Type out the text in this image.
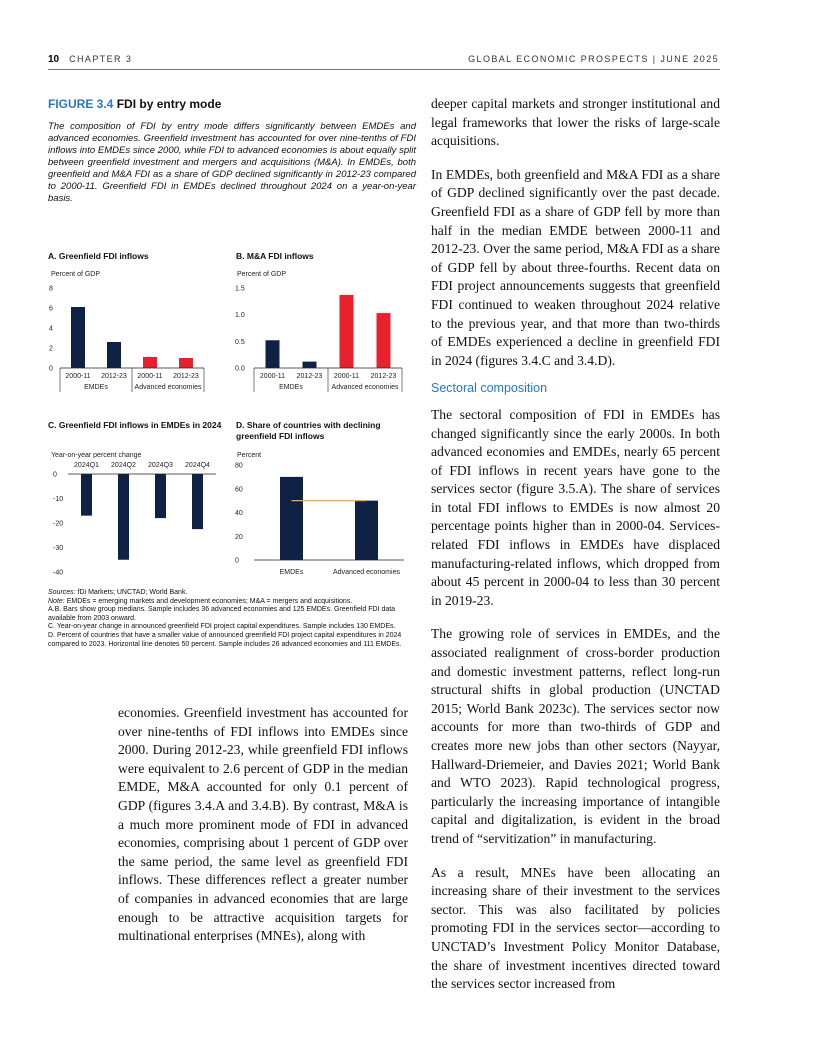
10 CHAPTER 3	GLOBAL ECONOMIC PROSPECTS | JUNE 2025
FIGURE 3.4 FDI by entry mode

The composition of FDI by entry mode differs significantly between EMDEs and advanced economies. Greenfield investment has accounted for over nine-tenths of FDI inflows into EMDEs since 2000, while FDI to advanced economies is about equally split between greenfield investment and mergers and acquisitions (M&A). In EMDEs, both greenfield and M&A FDI as a share of GDP declined significantly in 2012-23 compared to 2000-11. Greenfield FDI in EMDEs declined throughout 2024 on a year-on-year basis.

A. Greenfield FDI inflows	B. M&A FDI inflows

C. Greenfield FDI inflows in EMDEs in 2024	D. Share of countries with declining greenfield FDI inflows

Percent of GDP
0
2
4
6
8
2000-11 2012-23 2000-11 2012-23
EMDEs	Advanced economies
Percent of GDP
0.0
0.5
1.0
1.5
2000-11 2012-23 2000-11 2012-23
EMDEs	Advanced economies
Year-on-year percent change
0
-10
-20
-30
-40
2024Q1 2024Q2 2024Q3 2024Q4
Percent
0
20
40
60
80
EMDEs	Advanced economies

Sources: fDi Markets; UNCTAD; World Bank.

Note: EMDEs = emerging markets and development economies; M&A = mergers and acquisitions.

A.B. Bars show group medians. Sample includes 36 advanced economies and 125 EMDEs. Greenfield FDI data available from 2003 onward.

C. Year-on-year change in announced greenfield FDI project capital expenditures. Sample includes 130 EMDEs.

D. Percent of countries that have a smaller value of announced greenfield FDI project capital expenditures in 2024 compared to 2023. Horizontal line denotes 50 percent. Sample includes 26 advanced economies and 111 EMDEs.

economies. Greenfield investment has accounted for over nine-tenths of FDI inflows into EMDEs since 2000. During 2012-23, while greenfield FDI inflows were equivalent to 2.6 percent of GDP in the median EMDE, M&A accounted for only 0.1 percent of GDP (figures 3.4.A and 3.4.B). By contrast, M&A is a much more prominent mode of FDI in advanced economies, comprising about 1 percent of GDP over the same period, the same level as greenfield FDI inflows. These differences reflect a greater number of companies in advanced economies that are large enough to be attractive acquisition targets for multinational enterprises (MNEs), along with

deeper capital markets and stronger institutional and legal frameworks that lower the risks of large-scale acquisitions.

In EMDEs, both greenfield and M&A FDI as a share of GDP declined significantly over the past decade. Greenfield FDI as a share of GDP fell by more than half in the median EMDE between 2000-11 and 2012-23. Over the same period, M&A FDI as a share of GDP fell by about three-fourths. Recent data on FDI project announcements suggests that greenfield FDI continued to weaken throughout 2024 relative to the previous year, and that more than two-thirds of EMDEs experienced a decline in greenfield FDI in 2024 (figures 3.4.C and 3.4.D).

Sectoral composition

The sectoral composition of FDI in EMDEs has changed significantly since the early 2000s. In both advanced economies and EMDEs, nearly 65 percent of FDI inflows in recent years have gone to the services sector (figure 3.5.A). The share of services in total FDI inflows to EMDEs is now almost 20 percentage points higher than in 2000-04. Services-related FDI inflows in EMDEs have displaced manufacturing-related inflows, which dropped from about 45 percent in 2000-04 to less than 30 percent in 2019-23.

The growing role of services in EMDEs, and the associated realignment of cross-border production and domestic investment patterns, reflect long-run structural shifts in global production (UNCTAD 2015; World Bank 2023c). The services sector now accounts for more than two-thirds of GDP and creates more new jobs than other sectors (Nayyar, Hallward-Driemeier, and Davies 2021; World Bank and WTO 2023). Rapid technological progress, particularly the increasing importance of intangible capital and digitalization, is evident in the broad trend of “servitization” in manufacturing.

As a result, MNEs have been allocating an increasing share of their investment to the services sector. This was also facilitated by policies promoting FDI in the services sector—according to UNCTAD’s Investment Policy Monitor Database, the share of investment incentives directed toward the services sector increased from
